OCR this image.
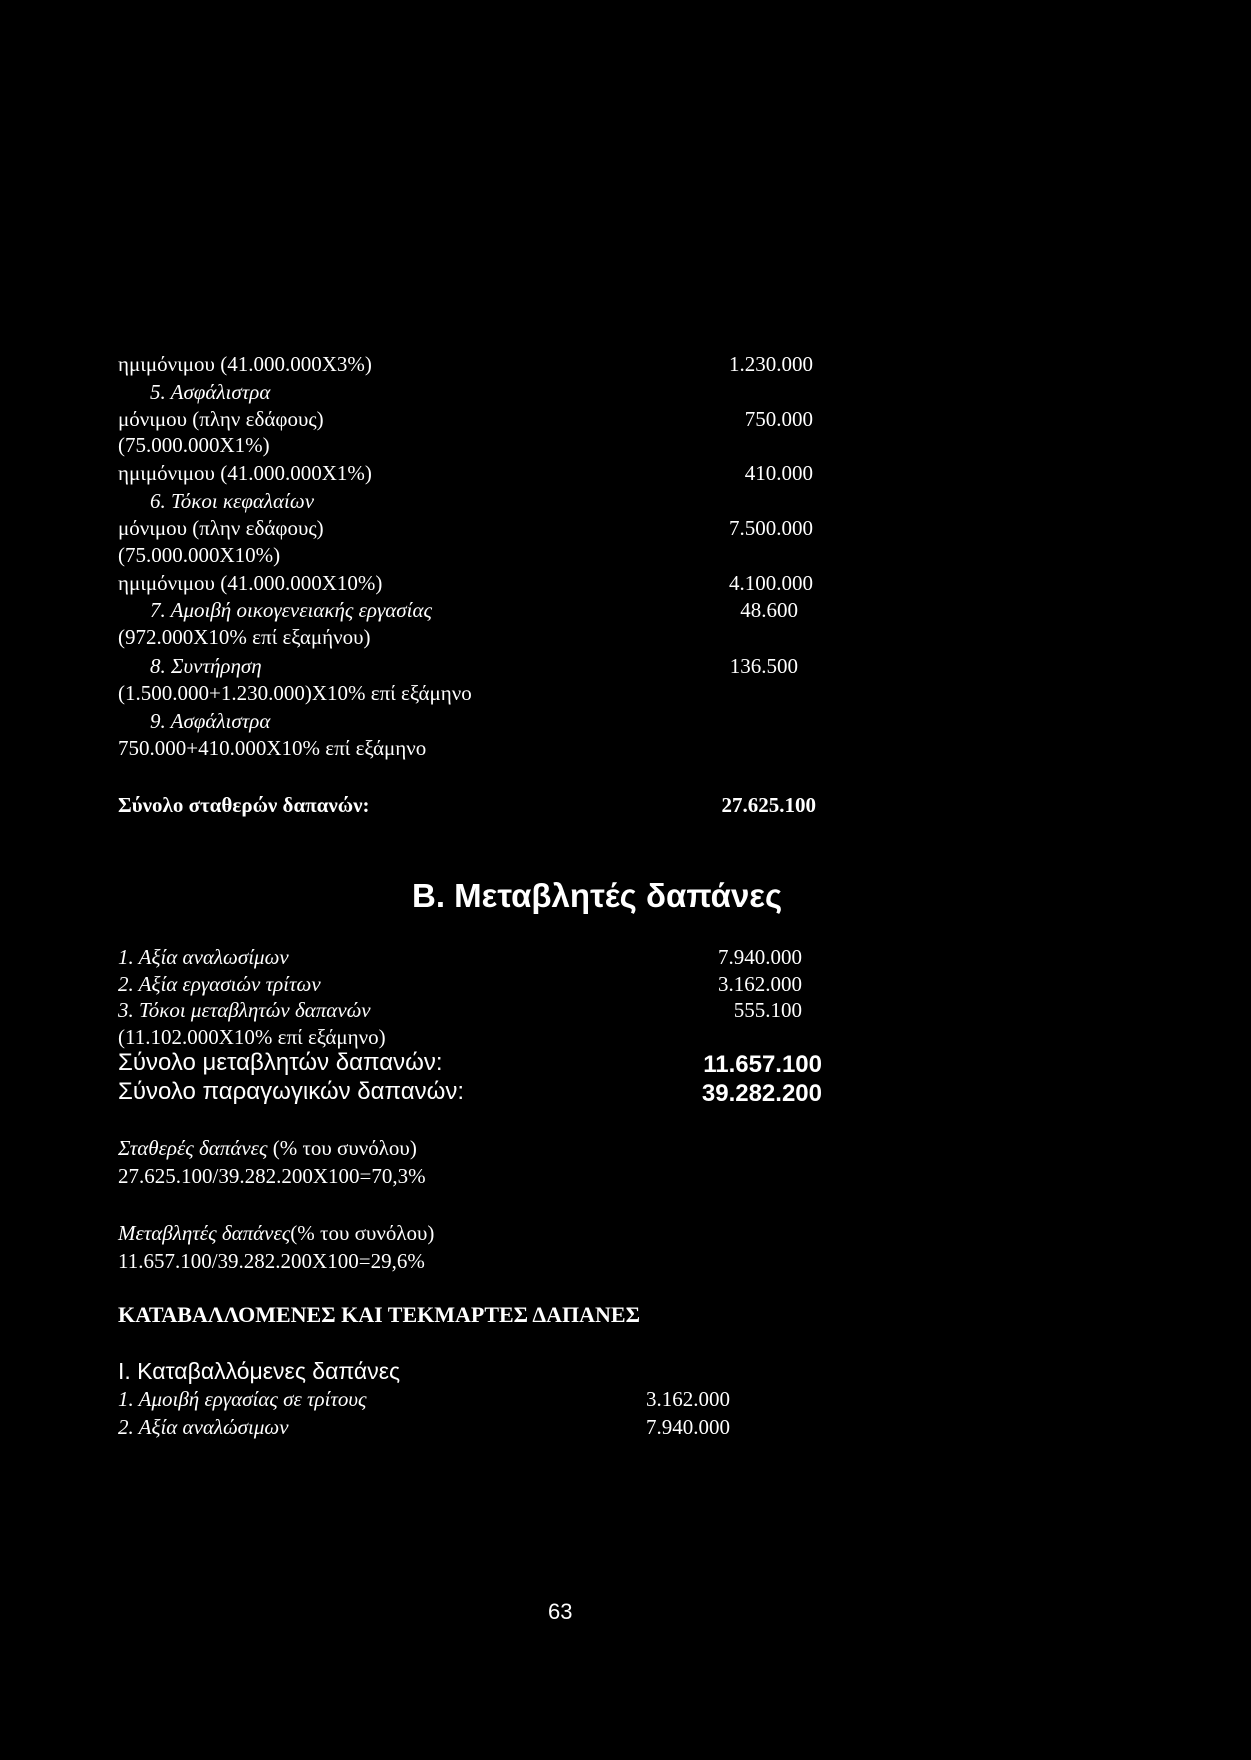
ημιμόνιμου (41.000.000Χ3%)	1.230.000
5. Ασφάλιστρα
μόνιμου (πλην εδάφους)	750.000
(75.000.000Χ1%)
ημιμόνιμου (41.000.000Χ1%)	410.000
6. Τόκοι κεφαλαίων
μόνιμου (πλην εδάφους)	7.500.000
(75.000.000Χ10%)
ημιμόνιμου (41.000.000Χ10%)	4.100.000
7. Αμοιβή οικογενειακής εργασίας	48.600
(972.000Χ10% επί εξαμήνου)
8. Συντήρηση	136.500
(1.500.000+1.230.000)Χ10% επί εξάμηνο
9. Ασφάλιστρα
750.000+410.000Χ10% επί εξάμηνο
Σύνολο σταθερών δαπανών:	27.625.100
Β. Μεταβλητές δαπάνες
1. Αξία αναλωσίμων	7.940.000
2. Αξία εργασιών τρίτων	3.162.000
3. Τόκοι μεταβλητών δαπανών	555.100
(11.102.000Χ10% επί εξάμηνο)
Σύνολο μεταβλητών δαπανών:	11.657.100
Σύνολο παραγωγικών δαπανών:	39.282.200
Σταθερές δαπάνες (% του συνόλου)
27.625.100/39.282.200Χ100=70,3%
Μεταβλητές δαπάνες(% του συνόλου)
11.657.100/39.282.200Χ100=29,6%
ΚΑΤΑΒΑΛΛΟΜΕΝΕΣ ΚΑΙ ΤΕΚΜΑΡΤΕΣ ΔΑΠΑΝΕΣ
I. Καταβαλλόμενες δαπάνες
1. Αμοιβή εργασίας σε τρίτους	3.162.000
2. Αξία αναλώσιμων	7.940.000
63
